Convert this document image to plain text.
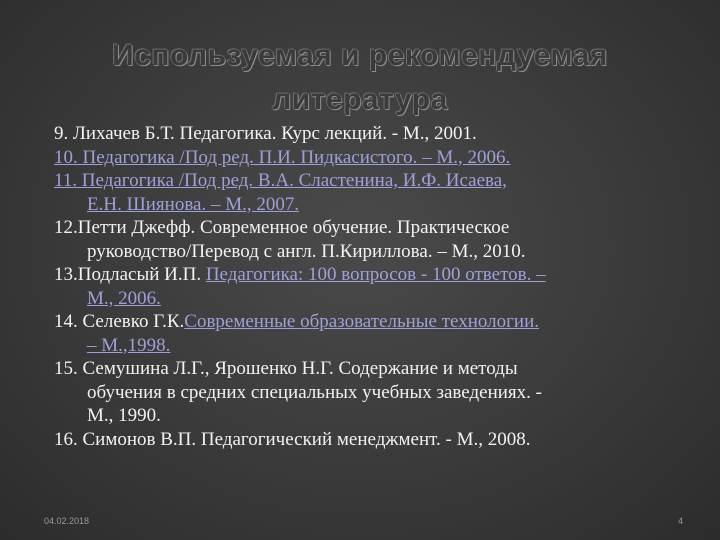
Используемая и рекомендуемая
литература
9. Лихачев Б.Т. Педагогика. Курс лекций. - М., 2001.
10. Педагогика /Под ред. П.И. Пидкасистого. – М., 2006.
11. Педагогика /Под ред. В.А. Сластенина, И.Ф. Исаева,
Е.Н. Шиянова. – М., 2007.
12.Петти Джефф. Современное обучение. Практическое
руководство/Перевод с англ. П.Кириллова. – М., 2010.
13.Подласый И.П. Педагогика: 100 вопросов - 100 ответов. –
М., 2006.
14. Селевко Г.К.Современные образовательные технологии.
– М.,1998.
15. Семушина Л.Г., Ярошенко Н.Г. Содержание и методы
обучения в средних специальных учебных заведениях. -
М., 1990.
16. Симонов В.П. Педагогический менеджмент. - М., 2008.
04.02.2018	4
